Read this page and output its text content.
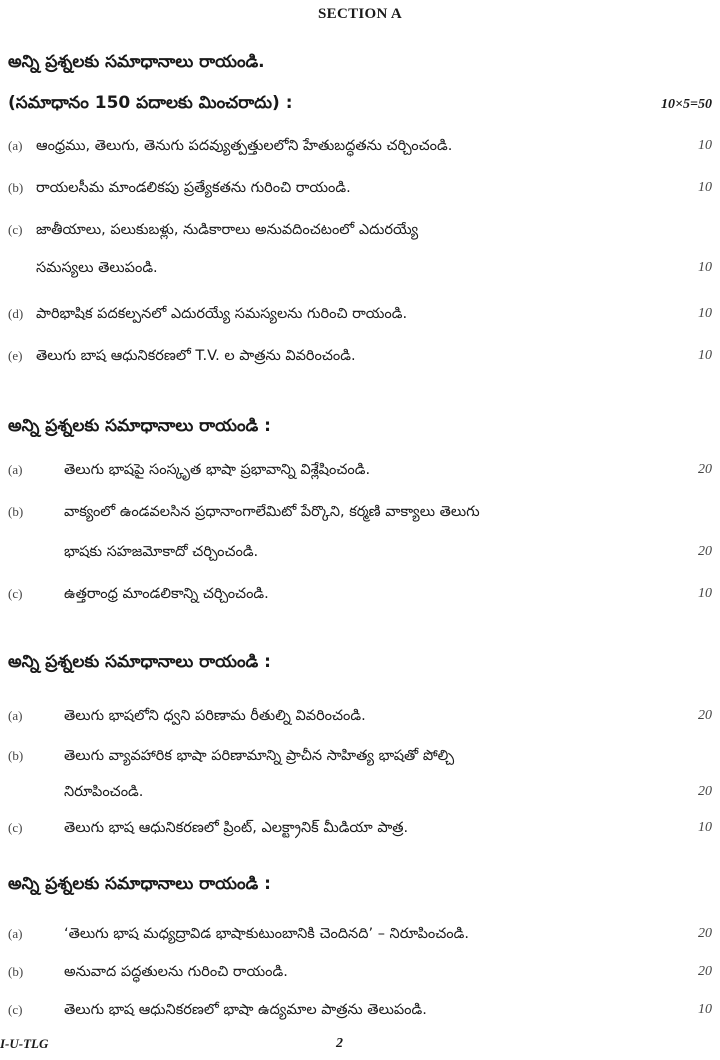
SECTION A
అన్ని ప్రశ్నలకు సమాధానాలు రాయండి.
(సమాధానం 150 పదాలకు మించరాదు) :	10×5=50
(a) ఆంధ్రము, తెలుగు, తెనుగు పదవ్యుత్పత్తులలోని హేతుబద్ధతను చర్చించండి.	10
(b) రాయలసీమ మాండలికపు ప్రత్యేకతను గురించి రాయండి.	10
(c) జాతీయాలు, పలుకుబళ్లు, నుడికారాలు అనువదించటంలో ఎదురయ్యే
సమస్యలు తెలుపండి.	10
(d) పారిభాషిక పదకల్పనలో ఎదురయ్యే సమస్యలను గురించి రాయండి.	10
(e) తెలుగు బాష ఆధునికరణలో T.V. ల పాత్రను వివరించండి.	10
అన్ని ప్రశ్నలకు సమాధానాలు రాయండి :
(a)	తెలుగు భాషపై సంస్కృత భాషా ప్రభావాన్ని విశ్లేషించండి.	20
(b)	వాక్యంలో ఉండవలసిన ప్రధానాంగాలేమిటో పేర్కొని, కర్మణి వాక్యాలు తెలుగు
భాషకు సహజమోకాదో చర్చించండి.	20
(c)	ఉత్తరాంధ్ర మాండలికాన్ని చర్చించండి.	10
అన్ని ప్రశ్నలకు సమాధానాలు రాయండి :
(a)	తెలుగు భాషలోని ధ్వని పరిణామ రీతుల్ని వివరించండి.	20
(b)	తెలుగు వ్యావహారిక భాషా పరిణామాన్ని ప్రాచీన సాహిత్య భాషతో పోల్చి
నిరూపించండి.	20
(c)	తెలుగు భాష ఆధునికరణలో ప్రింట్, ఎలక్ట్రానిక్ మీడియా పాత్ర.	10
అన్ని ప్రశ్నలకు సమాధానాలు రాయండి :
(a)	‘తెలుగు భాష మధ్యద్రావిడ భాషాకుటుంబానికి చెందినది’ – నిరూపించండి.	20
(b)	అనువాద పద్ధతులను గురించి రాయండి.	20
(c)	తెలుగు భాష ఆధునికరణలో భాషా ఉద్యమాల పాత్రను తెలుపండి.	10
I-U-TLG	2
